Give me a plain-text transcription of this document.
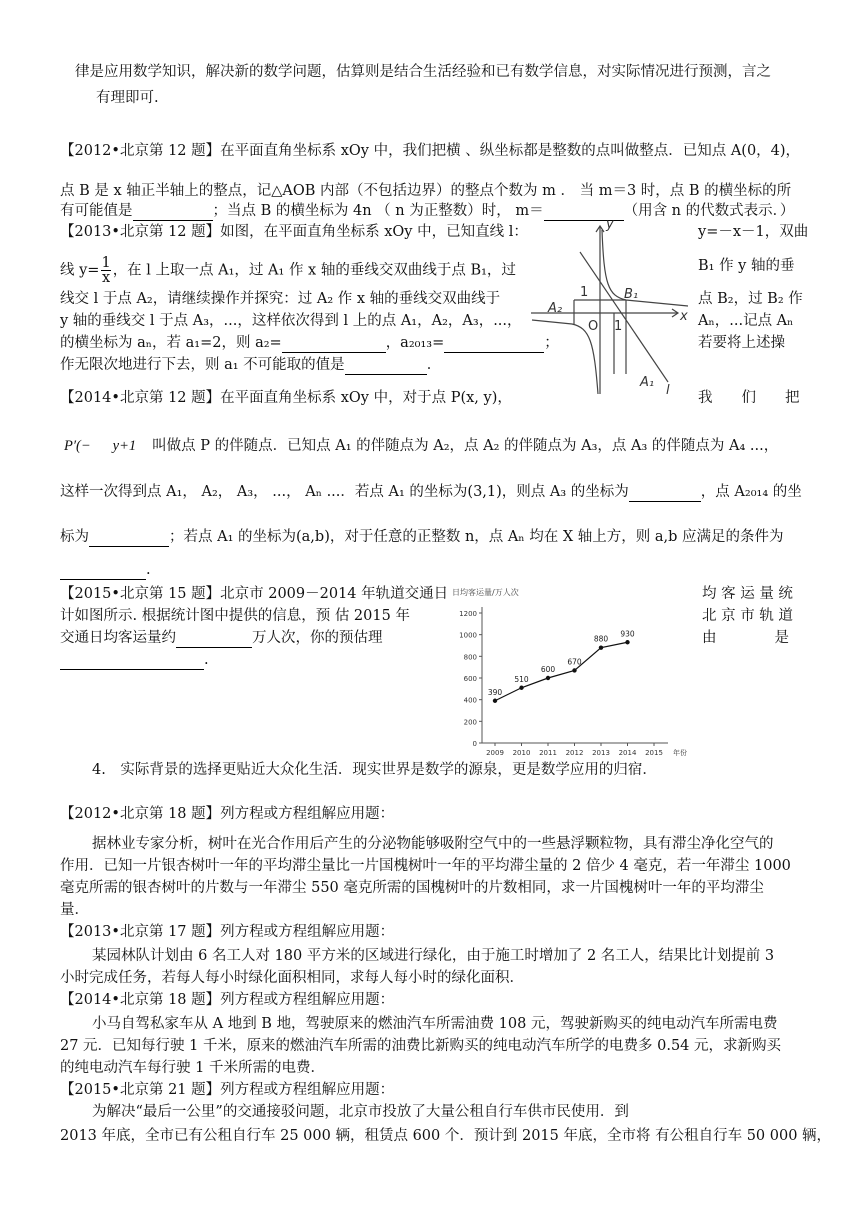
律是应用数学知识，解决新的数学问题，估算则是结合生活经验和已有数学信息，对实际情况进行预测，言之
有理即可.
【2012•北京第 12 题】在平面直角坐标系 xOy 中，我们把横 、纵坐标都是整数的点叫做整点．已知点 A(0，4)，
点 B 是 x 轴正半轴上的整点，记△AOB 内部（不包括边界）的整点个数为 m ． 当 m＝3 时，点 B 的横坐标的所
有可能值是	；当点 B 的横坐标为 4n （ n 为正整数）时， m＝	（用含 n 的代数式表示．）
【2013•北京第 12 题】如图，在平面直角坐标系 xOy 中，已知直线 l：	y=－x－1，双曲
线 $y= \frac{1}{x}$ ，在 l 上取一点 A₁，过 A₁ 作 x 轴的垂线交双曲线于点 B₁，过	B₁ 作 y 轴的垂
线交 l 于点 A₂，请继续操作并探究：过 A₂ 作 x 轴的垂线交双曲线于	点 B₂，过 B₂ 作
y 轴的垂线交 l 于点 A₃，...，这样依次得到 l 上的点 A₁，A₂，A₃，...，	Aₙ，...记点 Aₙ
的横坐标为 aₙ，若 a₁=2，则 a₂=	，a₂₀₁₃=	；	若要将上述操
作无限次地进行下去，则 a₁ 不可能取的值是	．
y
x
O 1
1
A₂
B₁
A₁
l
【2014•北京第 12 题】在平面直角坐标系 xOy 中，对于点 P(x, y)，	我　　们　　把
P′(− y+1 叫做点 P 的伴随点．已知点 A₁ 的伴随点为 A₂，点 A₂ 的伴随点为 A₃，点 A₃ 的伴随点为 A₄ ...，
这样一次得到点 A₁， A₂， A₃， ...， Aₙ ...．若点 A₁ 的坐标为(3,1)，则点 A₃ 的坐标为	，点 A₂₀₁₄ 的坐
标为	；若点 A₁ 的坐标为(a,b)，对于任意的正整数 n，点 Aₙ 均在 X 轴上方，则 a,b 应满足的条件为
.
【2015•北京第 15 题】北京市 2009－2014 年轨道交通日	均 客 运 量 统
计如图所示. 根据统计图中提供的信息，预 估 2015 年	北 京 市 轨 道
交通日均客运量约	万人次，你的预估理	由　　　　是
.
日均客运量/万人次
0
200
400
600
800
1000
1200
2009 2010 2011 2012 2013 2014 2015 年份
390
510
600
670
880
930
4.　实际背景的选择更贴近大众化生活．现实世界是数学的源泉，更是数学应用的归宿．
【2012•北京第 18 题】列方程或方程组解应用题：
据林业专家分析，树叶在光合作用后产生的分泌物能够吸附空气中的一些悬浮颗粒物，具有滞尘净化空气的
作用．已知一片银杏树叶一年的平均滞尘量比一片国槐树叶一年的平均滞尘量的 2 倍少 4 毫克，若一年滞尘 1000
毫克所需的银杏树叶的片数与一年滞尘 550 毫克所需的国槐树叶的片数相同，求一片国槐树叶一年的平均滞尘
量．
【2013•北京第 17 题】列方程或方程组解应用题：
某园林队计划由 6 名工人对 180 平方米的区域进行绿化，由于施工时增加了 2 名工人，结果比计划提前 3
小时完成任务，若每人每小时绿化面积相同，求每人每小时的绿化面积．
【2014•北京第 18 题】列方程或方程组解应用题：
小马自驾私家车从 A 地到 B 地，驾驶原来的燃油汽车所需油费 108 元，驾驶新购买的纯电动汽车所需电费
27 元．已知每行驶 1 千米，原来的燃油汽车所需的油费比新购买的纯电动汽车所学的电费多 0.54 元，求新购买
的纯电动汽车每行驶 1 千米所需的电费．
【2015•北京第 21 题】列方程或方程组解应用题：
为解决“最后一公里”的交通接驳问题，北京市投放了大量公租自行车供市民使用．到
2013 年底，全市已有公租自行车 25 000 辆，租赁点 600 个．预计到 2015 年底，全市将 有公租自行车 50 000 辆，
